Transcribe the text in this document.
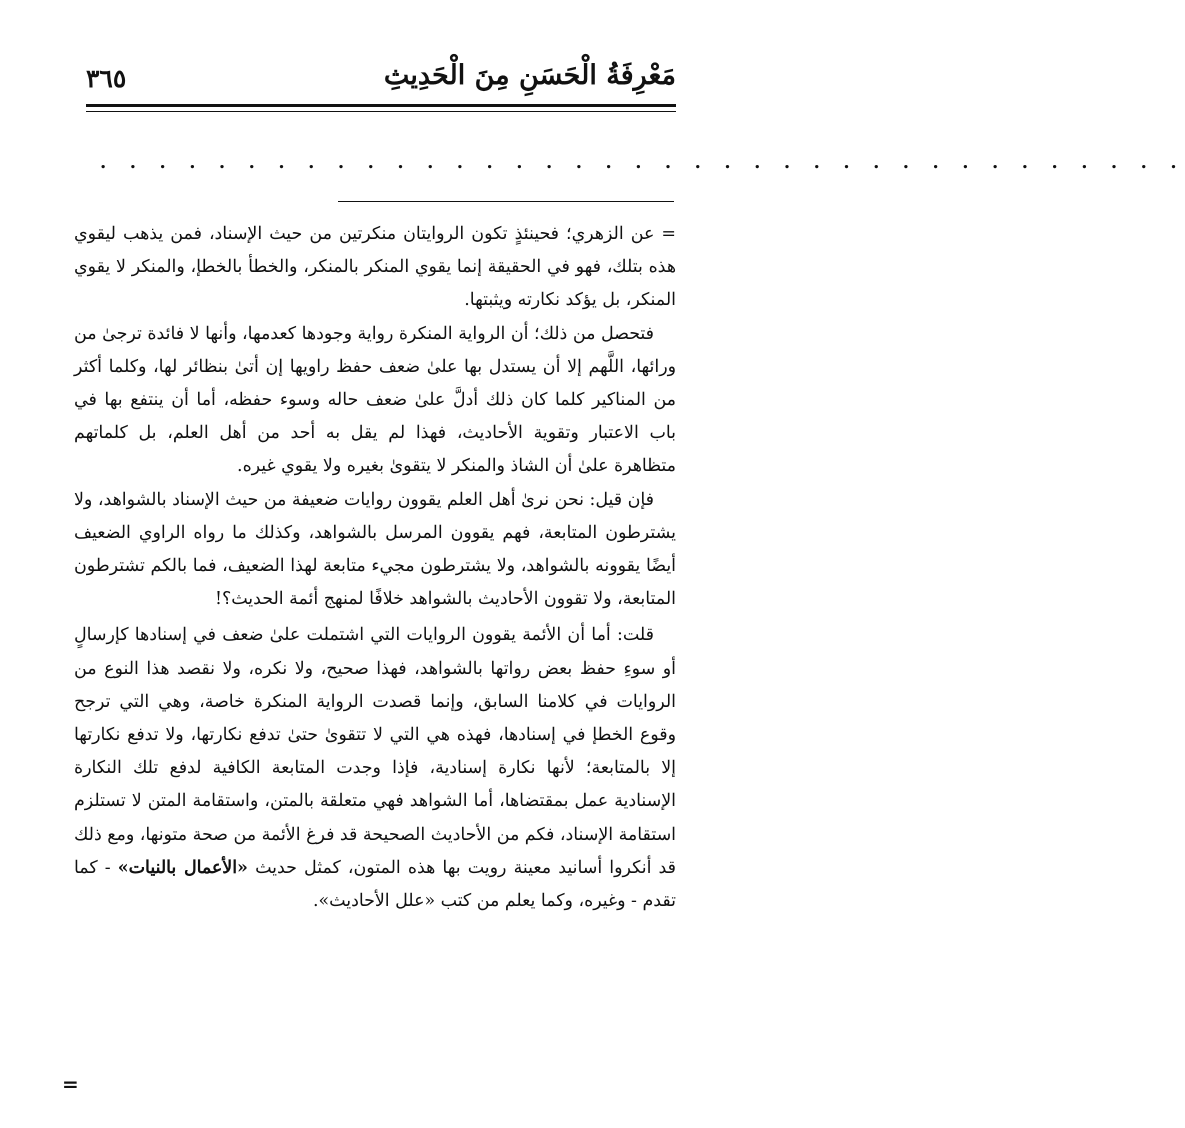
مَعْرِفَةُ الْحَسَنِ مِنَ الْحَدِيثِ
٣٦٥
. . . . . . . . . . . . . . . . . . . . . . . . . . . . . . . . . . . . .

= عن الزهري؛ فحينئذٍ تكون الروايتان منكرتين من حيث الإسناد، فمن يذهب ليقوي هذه بتلك، فهو في الحقيقة إنما يقوي المنكر بالمنكر، والخطأ بالخطإ، والمنكر لا يقوي المنكر، بل يؤكد نكارته ويثبتها.

فتحصل من ذلك؛ أن الرواية المنكرة رواية وجودها كعدمها، وأنها لا فائدة ترجىٰ من ورائها، اللَّهم إلا أن يستدل بها علىٰ ضعف حفظ راويها إن أتىٰ بنظائر لها، وكلما أكثر من المناكير كلما كان ذلك أدلَّ علىٰ ضعف حاله وسوء حفظه، أما أن ينتفع بها في باب الاعتبار وتقوية الأحاديث، فهذا لم يقل به أحد من أهل العلم، بل كلماتهم متظاهرة علىٰ أن الشاذ والمنكر لا يتقوىٰ بغيره ولا يقوي غيره.

فإن قيل: نحن نرىٰ أهل العلم يقوون روايات ضعيفة من حيث الإسناد بالشواهد، ولا يشترطون المتابعة، فهم يقوون المرسل بالشواهد، وكذلك ما رواه الراوي الضعيف أيضًا يقوونه بالشواهد، ولا يشترطون مجيء متابعة لهذا الضعيف، فما بالكم تشترطون المتابعة، ولا تقوون الأحاديث بالشواهد خلافًا لمنهج أئمة الحديث؟!

قلت: أما أن الأئمة يقوون الروايات التي اشتملت علىٰ ضعف في إسنادها كإرسالٍ أو سوءِ حفظ بعض رواتها بالشواهد، فهذا صحيح، ولا نكره، ولا نقصد هذا النوع من الروايات في كلامنا السابق، وإنما قصدت الرواية المنكرة خاصة، وهي التي ترجح وقوع الخطإ في إسنادها، فهذه هي التي لا تتقوىٰ حتىٰ تدفع نكارتها، ولا تدفع نكارتها إلا بالمتابعة؛ لأنها نكارة إسنادية، فإذا وجدت المتابعة الكافية لدفع تلك النكارة الإسنادية عمل بمقتضاها، أما الشواهد فهي متعلقة بالمتن، واستقامة المتن لا تستلزم استقامة الإسناد، فكم من الأحاديث الصحيحة قد فرغ الأئمة من صحة متونها، ومع ذلك قد أنكروا أسانيد معينة رويت بها هذه المتون، كمثل حديث «الأعمال بالنيات» - كما تقدم - وغيره، وكما يعلم من كتب «علل الأحاديث».

=
